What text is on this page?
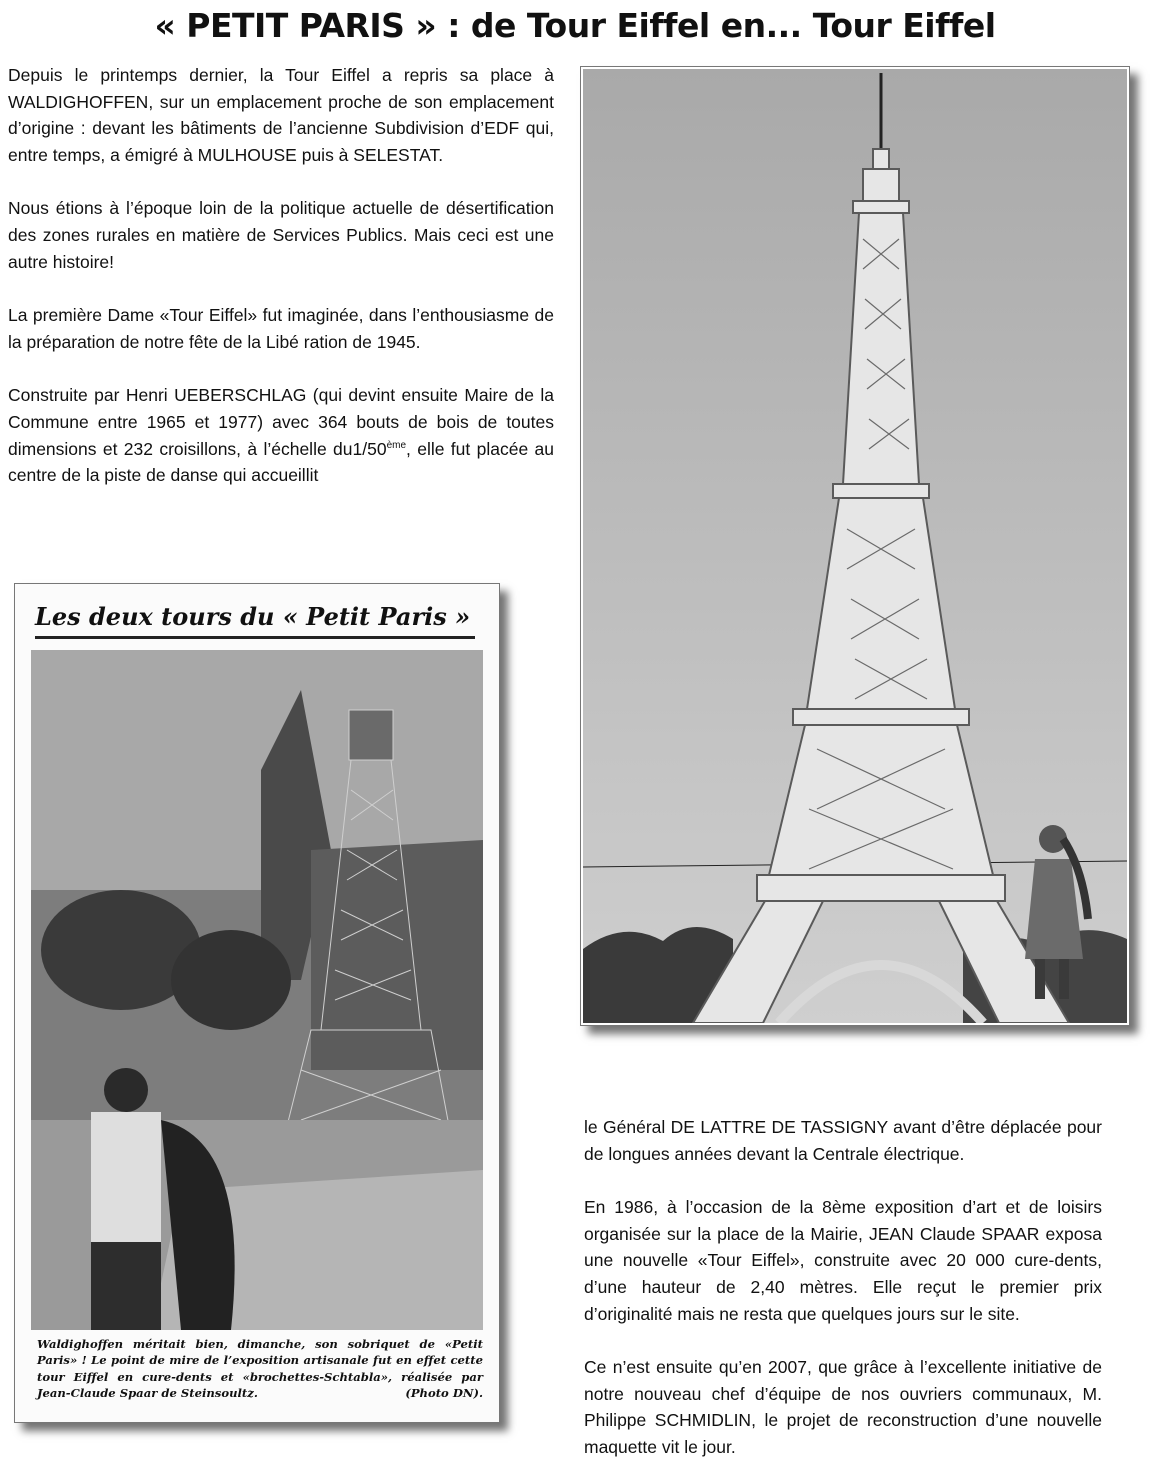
« PETIT PARIS » : de Tour Eiffel en... Tour Eiffel

Depuis le printemps dernier, la Tour Eiffel a repris sa place à WALDIGHOFFEN, sur un emplacement proche de son emplacement d’origine : devant les bâtiments de l’ancienne Subdivision d’EDF qui, entre temps, a émigré à MULHOUSE puis à SELESTAT.

Nous étions à l’époque loin de la politique actuelle de désertification des zones rurales en matière de Services Publics. Mais ceci est une autre histoire!

La première Dame «Tour Eiffel» fut imaginée, dans l’enthousiasme de la préparation de notre fête de la Libé ration de 1945.

Construite par Henri UEBERSCHLAG (qui devint ensuite Maire de la Commune entre 1965 et 1977) avec 364 bouts de bois de toutes dimensions et 232 croisillons, à l’échelle du1/50ème, elle fut placée au centre de la piste de danse qui accueillit

Les deux tours du « Petit Paris »
Waldighoffen méritait bien, dimanche, son sobriquet de «Petit Paris» ! Le point de mire de l’exposition artisanale fut en effet cette tour Eiffel en cure-dents et «brochettes-Schtabla», réalisée par Jean-Claude Spaar de Steinsoultz.	(Photo DN).

le Général DE LATTRE DE TASSIGNY avant d’être déplacée pour de longues années devant la Centrale électrique.

En 1986, à l’occasion de la 8ème exposition d’art et de loisirs organisée sur la place de la Mairie, JEAN Claude SPAAR exposa une nouvelle «Tour Eiffel», construite avec 20 000 cure-dents, d’une hauteur de 2,40 mètres. Elle reçut le premier prix d’originalité mais ne resta que quelques jours sur le site.

Ce n’est ensuite qu’en 2007, que grâce à l’excellente initiative de notre nouveau chef d’équipe de nos ouvriers communaux, M. Philippe SCHMIDLIN, le projet de reconstruction d’une nouvelle maquette vit le jour.
